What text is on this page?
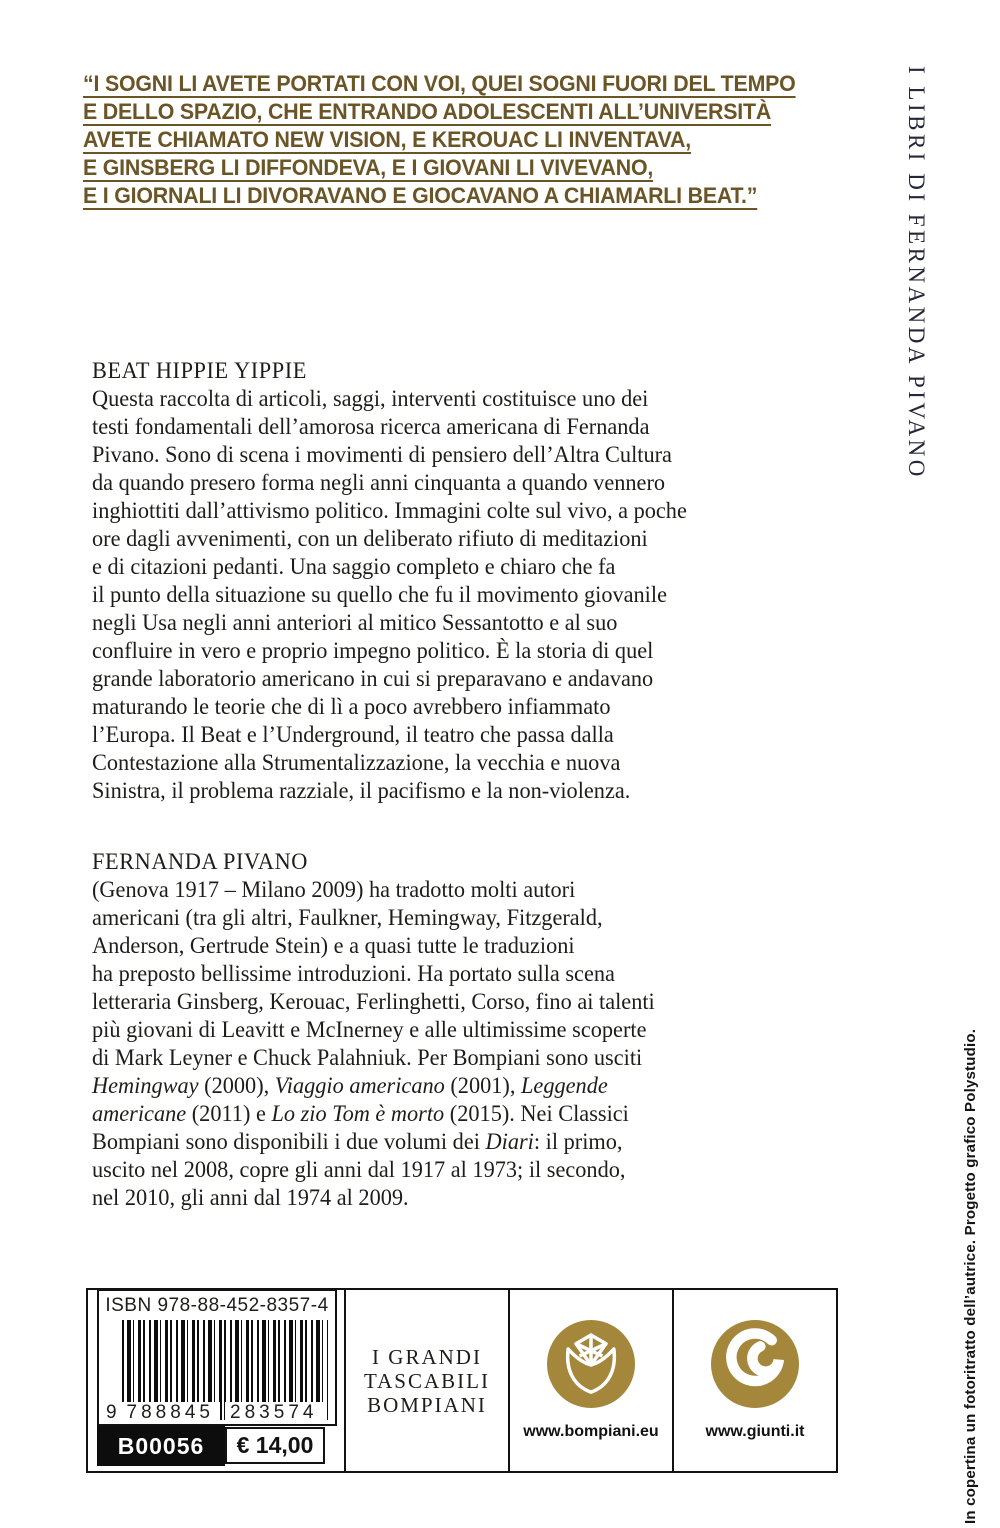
“I SOGNI LI AVETE PORTATI CON VOI, QUEI SOGNI FUORI DEL TEMPO
E DELLO SPAZIO, CHE ENTRANDO ADOLESCENTI ALL’UNIVERSITÀ
AVETE CHIAMATO NEW VISION, E KEROUAC LI INVENTAVA,
E GINSBERG LI DIFFONDEVA, E I GIOVANI LI VIVEVANO,
E I GIORNALI LI DIVORAVANO E GIOCAVANO A CHIAMARLI BEAT.”	I LIBRI DI FERNANDA PIVANO
BEAT HIPPIE YIPPIE
Questa raccolta di articoli, saggi, interventi costituisce uno dei
testi fondamentali dell’amorosa ricerca americana di Fernanda
Pivano. Sono di scena i movimenti di pensiero dell’Altra Cultura
da quando presero forma negli anni cinquanta a quando vennero
inghiottiti dall’attivismo politico. Immagini colte sul vivo, a poche
ore dagli avvenimenti, con un deliberato rifiuto di meditazioni
e di citazioni pedanti. Una saggio completo e chiaro che fa
il punto della situazione su quello che fu il movimento giovanile
negli Usa negli anni anteriori al mitico Sessantotto e al suo
confluire in vero e proprio impegno politico. È la storia di quel
grande laboratorio americano in cui si preparavano e andavano
maturando le teorie che di lì a poco avrebbero infiammato
l’Europa. Il Beat e l’Underground, il teatro che passa dalla
Contestazione alla Strumentalizzazione, la vecchia e nuova
Sinistra, il problema razziale, il pacifismo e la non-violenza.
FERNANDA PIVANO
(Genova 1917 – Milano 2009) ha tradotto molti autori
americani (tra gli altri, Faulkner, Hemingway, Fitzgerald,
Anderson, Gertrude Stein) e a quasi tutte le traduzioni
ha preposto bellissime introduzioni. Ha portato sulla scena
letteraria Ginsberg, Kerouac, Ferlinghetti, Corso, fino ai talenti
più giovani di Leavitt e McInerney e alle ultimissime scoperte
di Mark Leyner e Chuck Palahniuk. Per Bompiani sono usciti
Hemingway (2000), Viaggio americano (2001), Leggende
americane (2011) e Lo zio Tom è morto (2015). Nei Classici
Bompiani sono disponibili i due volumi dei Diari: il primo,
uscito nel 2008, copre gli anni dal 1917 al 1973; il secondo,
nel 2010, gli anni dal 1974 al 2009.
ISBN 978-88-452-8357-4
9 788845 283574
B00056	€ 14,00
I GRANDI
TASCABILI
BOMPIANI
www.bompiani.eu	www.giunti.it	In copertina un fotoritratto dell’autrice. Progetto grafico Polystudio.
